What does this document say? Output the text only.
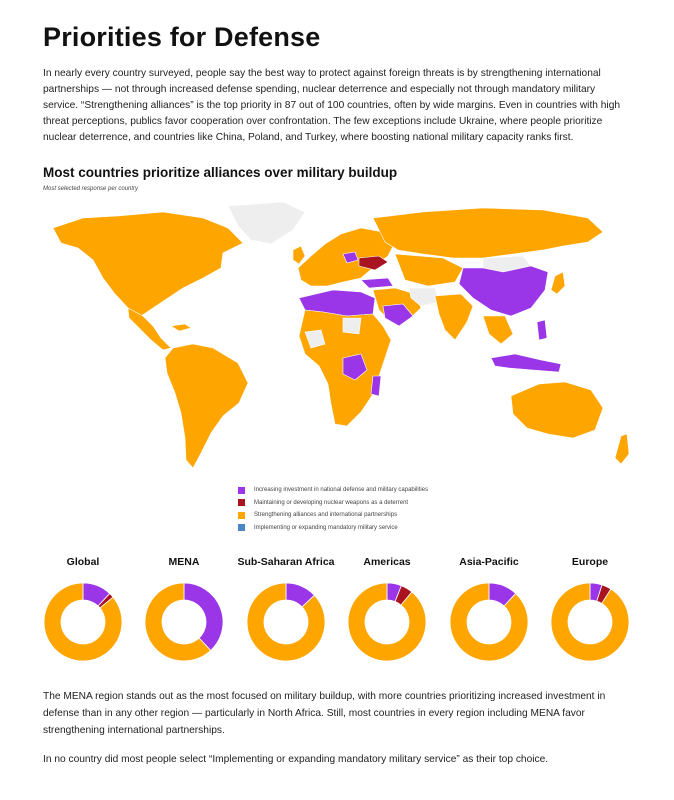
Priorities for Defense
In nearly every country surveyed, people say the best way to protect against foreign threats is by strengthening international partnerships — not through increased defense spending, nuclear deterrence and especially not through mandatory military service. “Strengthening alliances” is the top priority in 87 out of 100 countries, often by wide margins. Even in countries with high threat perceptions, publics favor cooperation over confrontation. The few exceptions include Ukraine, where people prioritize nuclear deterrence, and countries like China, Poland, and Turkey, where boosting national military capacity ranks first.
Most countries prioritize alliances over military buildup
Most selected response per country
Increasing investment in national defense and military capabilities
Maintaining or developing nuclear weapons as a deterrent
Strengthening alliances and international partnerships
Implementing or expanding mandatory military service
Global	MENA	Sub-Saharan Africa	Americas	Asia-Pacific	Europe

The MENA region stands out as the most focused on military buildup, with more countries prioritizing increased investment in defense than in any other region — particularly in North Africa. Still, most countries in every region including MENA favor strengthening international partnerships.

In no country did most people select “Implementing or expanding mandatory military service” as their top choice.
